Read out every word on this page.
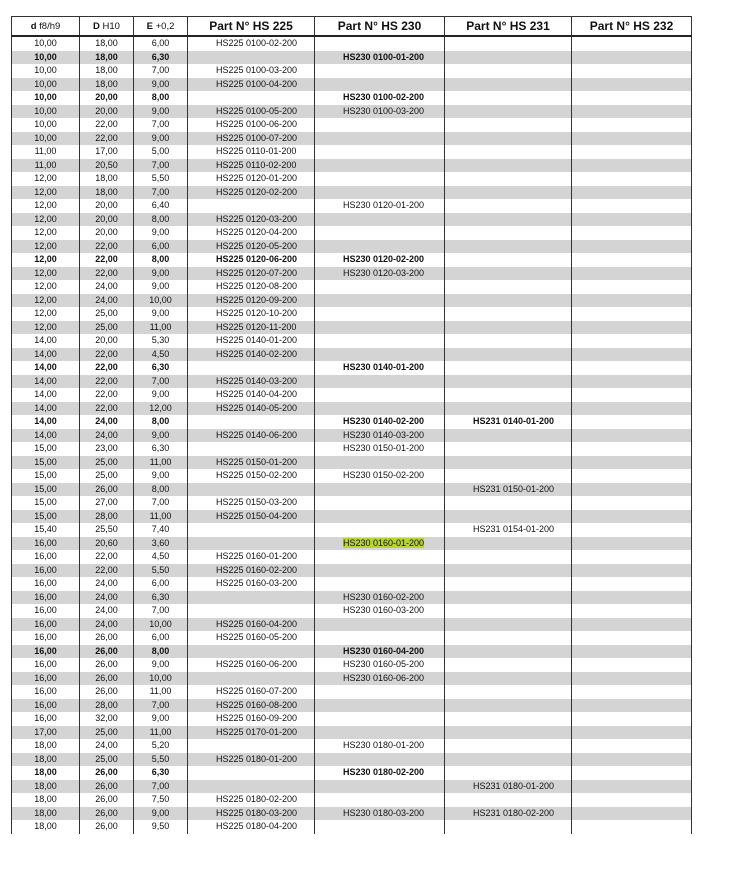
d f8/h9	D H10	E +0,2	Part N° HS 225	Part N° HS 230	Part N° HS 231	Part N° HS 232
10,00	18,00	6,00	HS225 0100-02-200			
10,00	18,00	6,30		HS230 0100-01-200		
10,00	18,00	7,00	HS225 0100-03-200			
10,00	18,00	9,00	HS225 0100-04-200			
10,00	20,00	8,00		HS230 0100-02-200		
10,00	20,00	9,00	HS225 0100-05-200	HS230 0100-03-200		
10,00	22,00	7,00	HS225 0100-06-200			
10,00	22,00	9,00	HS225 0100-07-200			
11,00	17,00	5,00	HS225 0110-01-200			
11,00	20,50	7,00	HS225 0110-02-200			
12,00	18,00	5,50	HS225 0120-01-200			
12,00	18,00	7,00	HS225 0120-02-200			
12,00	20,00	6,40		HS230 0120-01-200		
12,00	20,00	8,00	HS225 0120-03-200			
12,00	20,00	9,00	HS225 0120-04-200			
12,00	22,00	6,00	HS225 0120-05-200			
12,00	22,00	8,00	HS225 0120-06-200	HS230 0120-02-200		
12,00	22,00	9,00	HS225 0120-07-200	HS230 0120-03-200		
12,00	24,00	9,00	HS225 0120-08-200			
12,00	24,00	10,00	HS225 0120-09-200			
12,00	25,00	9,00	HS225 0120-10-200			
12,00	25,00	11,00	HS225 0120-11-200			
14,00	20,00	5,30	HS225 0140-01-200			
14,00	22,00	4,50	HS225 0140-02-200			
14,00	22,00	6,30		HS230 0140-01-200		
14,00	22,00	7,00	HS225 0140-03-200			
14,00	22,00	9,00	HS225 0140-04-200			
14,00	22,00	12,00	HS225 0140-05-200			
14,00	24,00	8,00		HS230 0140-02-200	HS231 0140-01-200	
14,00	24,00	9,00	HS225 0140-06-200	HS230 0140-03-200		
15,00	23,00	6,30		HS230 0150-01-200		
15,00	25,00	11,00	HS225 0150-01-200			
15,00	25,00	9,00	HS225 0150-02-200	HS230 0150-02-200		
15,00	26,00	8,00			HS231 0150-01-200	
15,00	27,00	7,00	HS225 0150-03-200			
15,00	28,00	11,00	HS225 0150-04-200			
15,40	25,50	7,40			HS231 0154-01-200	
16,00	20,60	3,60		HS230 0160-01-200		
16,00	22,00	4,50	HS225 0160-01-200			
16,00	22,00	5,50	HS225 0160-02-200			
16,00	24,00	6,00	HS225 0160-03-200			
16,00	24,00	6,30		HS230 0160-02-200		
16,00	24,00	7,00		HS230 0160-03-200		
16,00	24,00	10,00	HS225 0160-04-200			
16,00	26,00	6,00	HS225 0160-05-200			
16,00	26,00	8,00		HS230 0160-04-200		
16,00	26,00	9,00	HS225 0160-06-200	HS230 0160-05-200		
16,00	26,00	10,00		HS230 0160-06-200		
16,00	26,00	11,00	HS225 0160-07-200			
16,00	28,00	7,00	HS225 0160-08-200			
16,00	32,00	9,00	HS225 0160-09-200			
17,00	25,00	11,00	HS225 0170-01-200			
18,00	24,00	5,20		HS230 0180-01-200		
18,00	25,00	5,50	HS225 0180-01-200			
18,00	26,00	6,30		HS230 0180-02-200		
18,00	26,00	7,00			HS231 0180-01-200	
18,00	26,00	7,50	HS225 0180-02-200			
18,00	26,00	9,00	HS225 0180-03-200	HS230 0180-03-200	HS231 0180-02-200	
18,00	26,00	9,50	HS225 0180-04-200			
